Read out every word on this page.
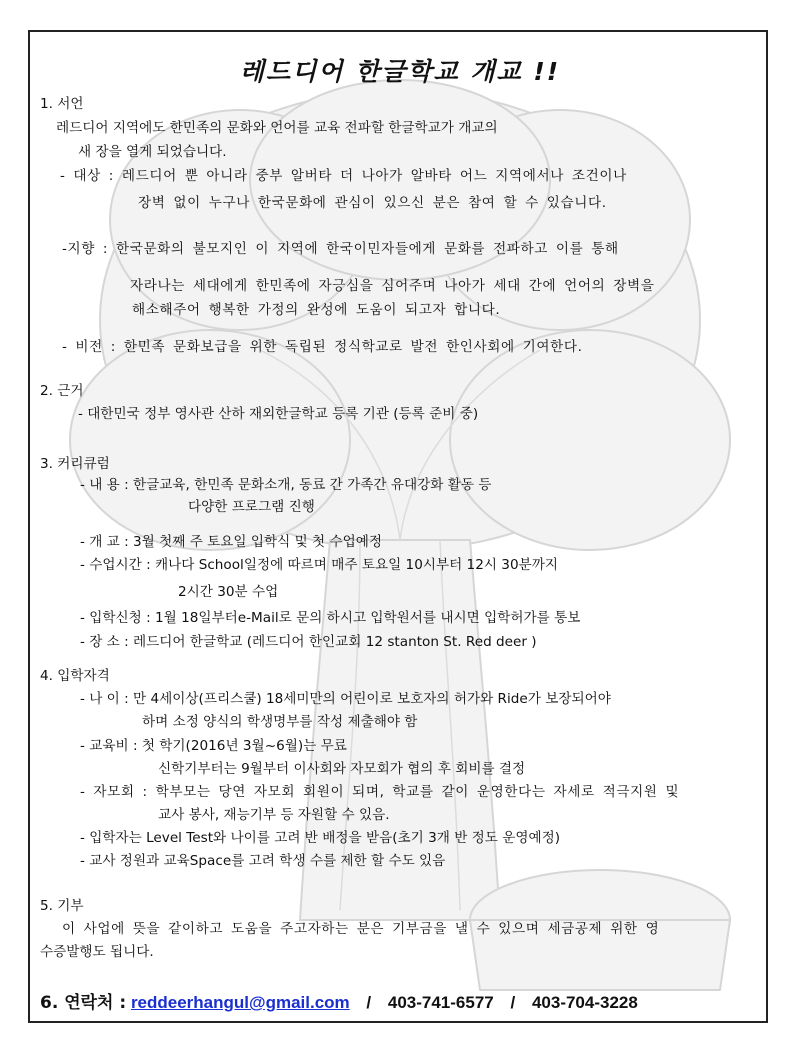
레드디어 한글학교 개교 !!
1. 서언
레드디어 지역에도 한민족의 문화와 언어를 교육 전파할 한글학교가 개교의
새 장을 열게 되었습니다.
- 대상 : 레드디어 뿐 아니라 중부 알버타 더 나아가 알바타 어느 지역에서나 조건이나
장벽 없이 누구나 한국문화에 관심이 있으신 분은 참여 할 수 있습니다.
-지향 : 한국문화의 불모지인 이 지역에 한국이민자들에게 문화를 전파하고 이를 통해
자라나는 세대에게 한민족에 자긍심을 심어주며 나아가 세대 간에 언어의 장벽을
해소해주어 행복한 가정의 완성에 도움이 되고자 합니다.
- 비전 : 한민족 문화보급을 위한 독립된 정식학교로 발전 한인사회에 기여한다.
2. 근거
- 대한민국 정부 영사관 산하 재외한글학교 등록 기관 (등록 준비 중)
3. 커리큐럼
- 내 용 : 한글교육, 한민족 문화소개, 동료 간 가족간 유대강화 활동 등
다양한 프로그램 진행
- 개 교 : 3월 첫째 주 토요일 입학식 및 첫 수업예정
- 수업시간 : 캐나다 School일정에 따르며 매주 토요일 10시부터 12시 30분까지
2시간 30분 수업
- 입학신청 : 1월 18일부터e-Mail로 문의 하시고 입학원서를 내시면 입학허가를 통보
- 장 소 : 레드디어 한글학교 (레드디어 한인교회 12 stanton St. Red deer )
4. 입학자격
- 나 이 : 만 4세이상(프리스쿨) 18세미만의 어린이로 보호자의 허가와 Ride가 보장되어야
하며 소정 양식의 학생명부를 작성 제출해야 함
- 교육비 : 첫 학기(2016년 3월~6월)는 무료
신학기부터는 9월부터 이사회와 자모회가 협의 후 회비를 결정
- 자모회 : 학부모는 당연 자모회 회원이 되며, 학교를 같이 운영한다는 자세로 적극지원 및
교사 봉사, 재능기부 등 자원할 수 있음.
- 입학자는 Level Test와 나이를 고려 반 배정을 받음(초기 3개 반 정도 운영예정)
- 교사 정원과 교육Space를 고려 학생 수를 제한 할 수도 있음
5. 기부
이 사업에 뜻을 같이하고 도움을 주고자하는 분은 기부금을 낼 수 있으며 세금공제 위한 영
수증발행도 됩니다.
6. 연락처 : reddeerhangul@gmail.com / 403-741-6577 / 403-704-3228
